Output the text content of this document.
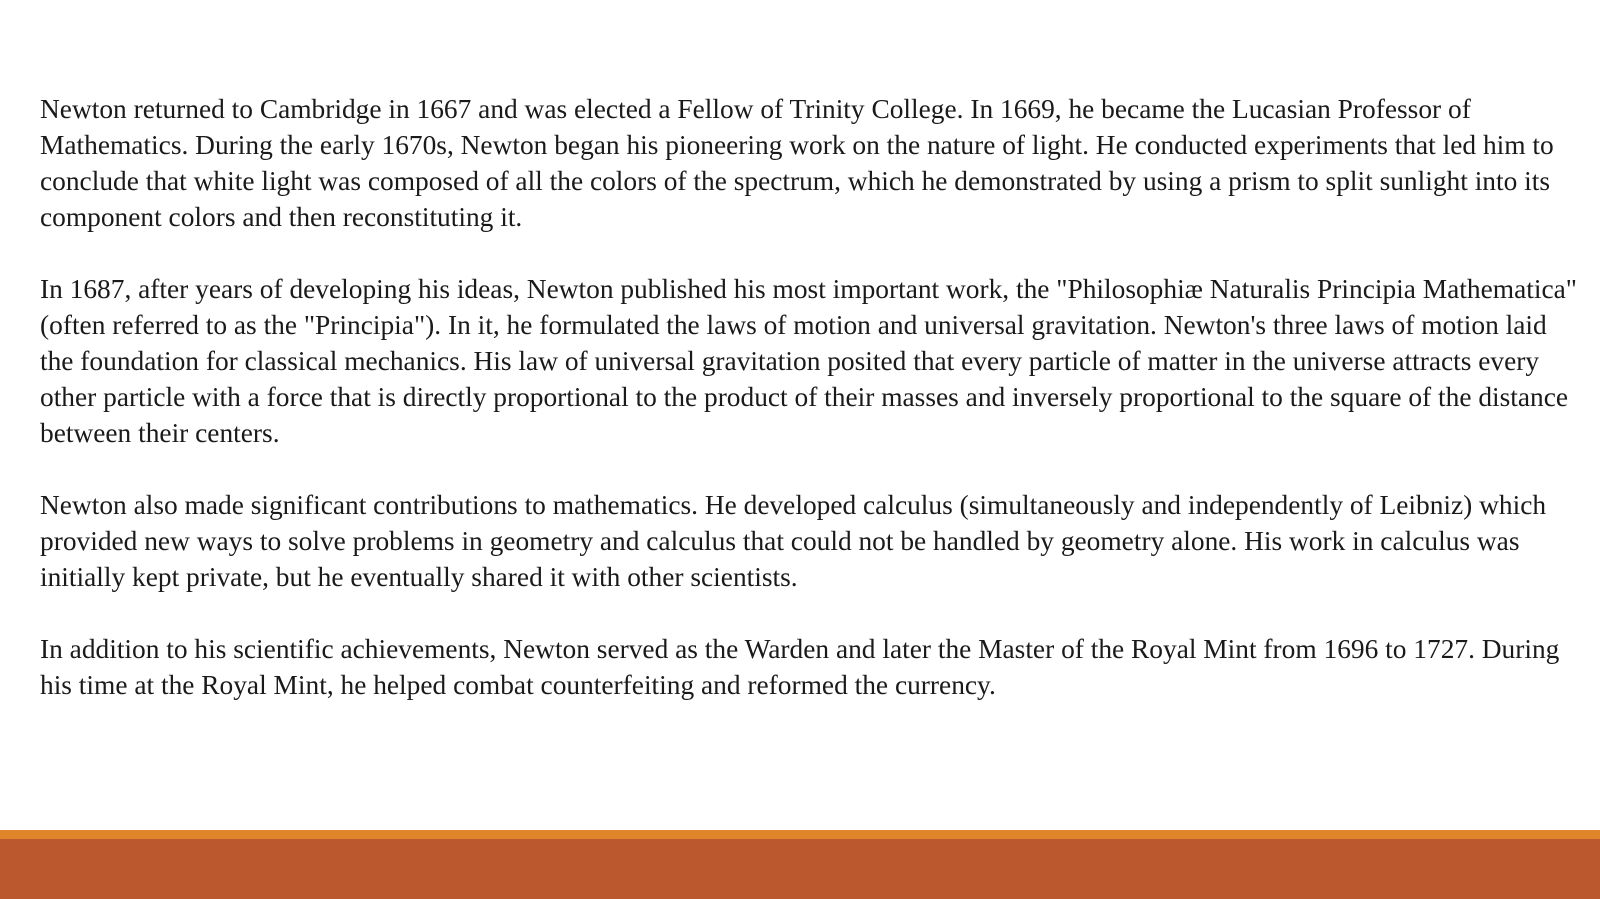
Newton returned to Cambridge in 1667 and was elected a Fellow of Trinity College. In 1669, he became the Lucasian Professor of Mathematics. During the early 1670s, Newton began his pioneering work on the nature of light. He conducted experiments that led him to conclude that white light was composed of all the colors of the spectrum, which he demonstrated by using a prism to split sunlight into its component colors and then reconstituting it.

In 1687, after years of developing his ideas, Newton published his most important work, the "Philosophiæ Naturalis Principia Mathematica" (often referred to as the "Principia"). In it, he formulated the laws of motion and universal gravitation. Newton's three laws of motion laid the foundation for classical mechanics. His law of universal gravitation posited that every particle of matter in the universe attracts every other particle with a force that is directly proportional to the product of their masses and inversely proportional to the square of the distance between their centers.

Newton also made significant contributions to mathematics. He developed calculus (simultaneously and independently of Leibniz) which provided new ways to solve problems in geometry and calculus that could not be handled by geometry alone. His work in calculus was initially kept private, but he eventually shared it with other scientists.

In addition to his scientific achievements, Newton served as the Warden and later the Master of the Royal Mint from 1696 to 1727. During his time at the Royal Mint, he helped combat counterfeiting and reformed the currency.
